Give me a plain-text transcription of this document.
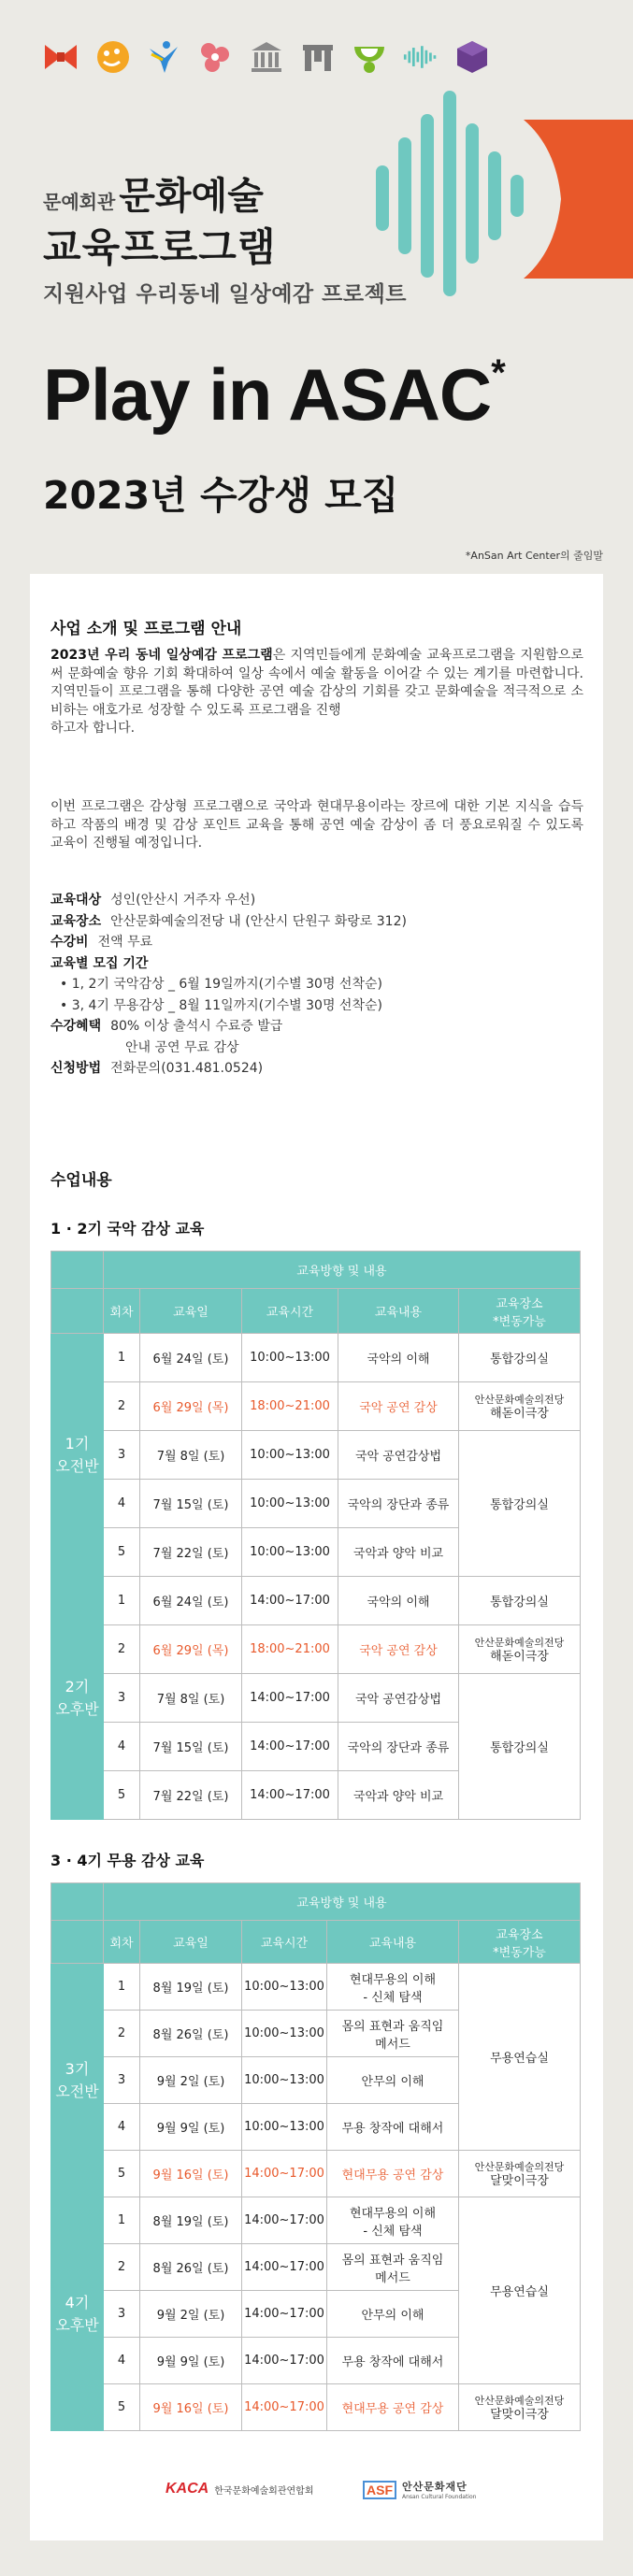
문예회관 문화예술
교육프로그램
지원사업 우리동네 일상예감 프로젝트
Play in ASAC*
2023년 수강생 모집
*AnSan Art Center의 줄임말
사업 소개 및 프로그램 안내
2023년 우리 동네 일상예감 프로그램은 지역민들에게 문화예술 교육프로그램을 지원함으로써 문화예술 향유 기회 확대하여 일상 속에서 예술 활동을 이어갈 수 있는 계기를 마련합니다. 지역민들이 프로그램을 통해 다양한 공연 예술 감상의 기회를 갖고 문화예술을 적극적으로 소비하는 애호가로 성장할 수 있도록 프로그램을 진행
하고자 합니다.
이번 프로그램은 감상형 프로그램으로 국악과 현대무용이라는 장르에 대한 기본 지식을 습득하고 작품의 배경 및 감상 포인트 교육을 통해 공연 예술 감상이 좀 더 풍요로워질 수 있도록 교육이 진행될 예정입니다.
교육대상 성인(안산시 거주자 우선)
교육장소 안산문화예술의전당 내 (안산시 단원구 화랑로 312)
수강비 전액 무료
교육별 모집 기간
• 1, 2기 국악감상 _ 6월 19일까지(기수별 30명 선착순)
• 3, 4기 무용감상 _ 8월 11일까지(기수별 30명 선착순)
수강혜택 80% 이상 출석시 수료증 발급
안내 공연 무료 감상
신청방법 전화문의(031.481.0524)
수업내용
1 · 2기 국악 감상 교육
	교육방향 및 내용				
	회차	교육일	교육시간	교육내용	교육장소
*변동가능
1기
오전반	1	6월 24일 (토)	10:00~13:00	국악의 이해	통합강의실
	2	6월 29일 (목)	18:00~21:00	국악 공연 감상	안산문화예술의전당
해돋이극장
	3	7월 8일 (토)	10:00~13:00	국악 공연감상법	통합강의실
	4	7월 15일 (토)	10:00~13:00	국악의 장단과 종류	
	5	7월 22일 (토)	10:00~13:00	국악과 양악 비교	
2기
오후반	1	6월 24일 (토)	14:00~17:00	국악의 이해	통합강의실
	2	6월 29일 (목)	18:00~21:00	국악 공연 감상	안산문화예술의전당
해돋이극장
	3	7월 8일 (토)	14:00~17:00	국악 공연감상법	통합강의실
	4	7월 15일 (토)	14:00~17:00	국악의 장단과 종류	
	5	7월 22일 (토)	14:00~17:00	국악과 양악 비교	
3 · 4기 무용 감상 교육
	교육방향 및 내용				
	회차	교육일	교육시간	교육내용	교육장소
*변동가능
3기
오전반	1	8월 19일 (토)	10:00~13:00	현대무용의 이해
- 신체 탐색	무용연습실
	2	8월 26일 (토)	10:00~13:00	몸의 표현과 움직임
메서드	
	3	9월 2일 (토)	10:00~13:00	안무의 이해	
	4	9월 9일 (토)	10:00~13:00	무용 창작에 대해서	
	5	9월 16일 (토)	14:00~17:00	현대무용 공연 감상	안산문화예술의전당
달맞이극장
4기
오후반	1	8월 19일 (토)	14:00~17:00	현대무용의 이해
- 신체 탐색	무용연습실
	2	8월 26일 (토)	14:00~17:00	몸의 표현과 움직임
메서드	
	3	9월 2일 (토)	14:00~17:00	안무의 이해	
	4	9월 9일 (토)	14:00~17:00	무용 창작에 대해서	
	5	9월 16일 (토)	14:00~17:00	현대무용 공연 감상	안산문화예술의전당
달맞이극장
KACA 한국문화예술회관연합회	ASF 안산문화재단
Ansan Cultural Foundation
